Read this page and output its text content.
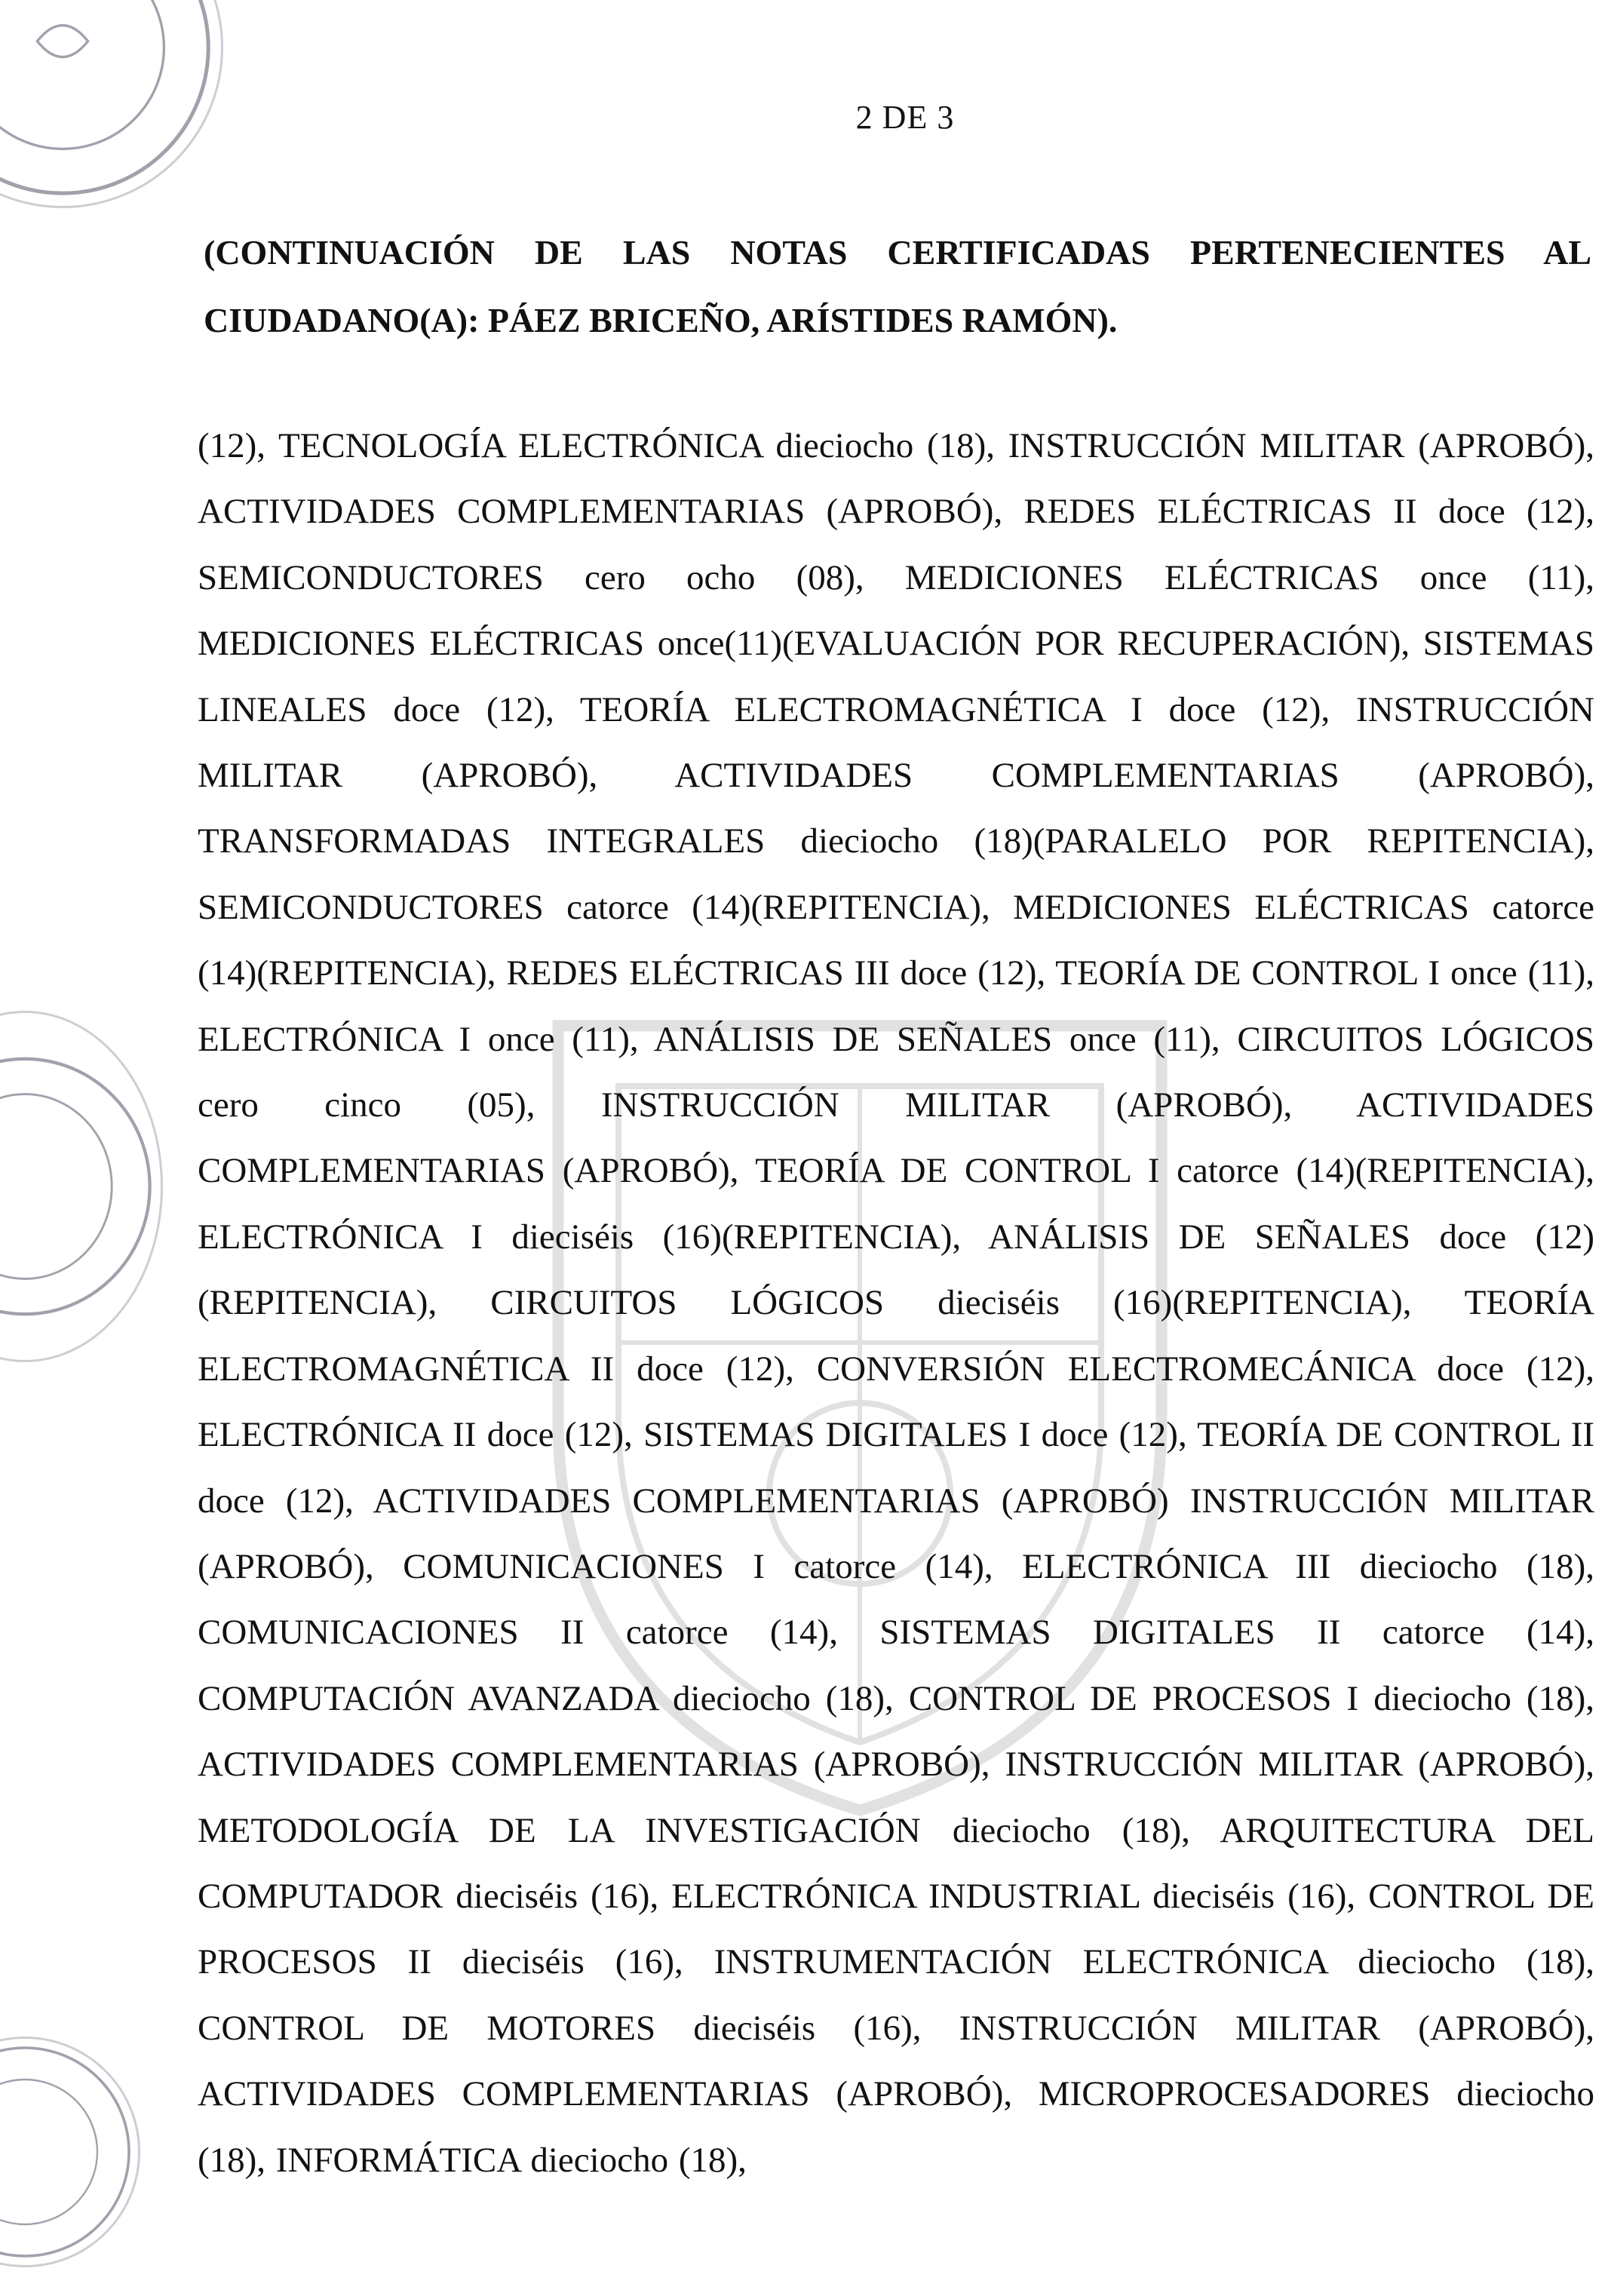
2 DE 3
(CONTINUACIÓN DE LAS NOTAS CERTIFICADAS PERTENECIENTES AL CIUDADANO(A): PÁEZ BRICEÑO, ARÍSTIDES RAMÓN).
(12), TECNOLOGÍA ELECTRÓNICA dieciocho (18), INSTRUCCIÓN MILITAR (APROBÓ), ACTIVIDADES COMPLEMENTARIAS (APROBÓ), REDES ELÉCTRICAS II doce (12), SEMICONDUCTORES cero ocho (08), MEDICIONES ELÉCTRICAS once (11), MEDICIONES ELÉCTRICAS once(11)(EVALUACIÓN POR RECUPERACIÓN), SISTEMAS LINEALES doce (12), TEORÍA ELECTROMAGNÉTICA I doce (12), INSTRUCCIÓN MILITAR (APROBÓ), ACTIVIDADES COMPLEMENTARIAS (APROBÓ), TRANSFORMADAS INTEGRALES dieciocho (18)(PARALELO POR REPITENCIA), SEMICONDUCTORES catorce (14)(REPITENCIA), MEDICIONES ELÉCTRICAS catorce (14)(REPITENCIA), REDES ELÉCTRICAS III doce (12), TEORÍA DE CONTROL I once (11), ELECTRÓNICA I once (11), ANÁLISIS DE SEÑALES once (11), CIRCUITOS LÓGICOS cero cinco (05), INSTRUCCIÓN MILITAR (APROBÓ), ACTIVIDADES COMPLEMENTARIAS (APROBÓ), TEORÍA DE CONTROL I catorce (14)(REPITENCIA), ELECTRÓNICA I dieciséis (16)(REPITENCIA), ANÁLISIS DE SEÑALES doce (12)(REPITENCIA), CIRCUITOS LÓGICOS dieciséis (16)(REPITENCIA), TEORÍA ELECTROMAGNÉTICA II doce (12), CONVERSIÓN ELECTROMECÁNICA doce (12), ELECTRÓNICA II doce (12), SISTEMAS DIGITALES I doce (12), TEORÍA DE CONTROL II doce (12), ACTIVIDADES COMPLEMENTARIAS (APROBÓ) INSTRUCCIÓN MILITAR (APROBÓ), COMUNICACIONES I catorce (14), ELECTRÓNICA III dieciocho (18), COMUNICACIONES II catorce (14), SISTEMAS DIGITALES II catorce (14), COMPUTACIÓN AVANZADA dieciocho (18), CONTROL DE PROCESOS I dieciocho (18), ACTIVIDADES COMPLEMENTARIAS (APROBÓ), INSTRUCCIÓN MILITAR (APROBÓ), METODOLOGÍA DE LA INVESTIGACIÓN dieciocho (18), ARQUITECTURA DEL COMPUTADOR dieciséis (16), ELECTRÓNICA INDUSTRIAL dieciséis (16), CONTROL DE PROCESOS II dieciséis (16), INSTRUMENTACIÓN ELECTRÓNICA dieciocho (18), CONTROL DE MOTORES dieciséis (16), INSTRUCCIÓN MILITAR (APROBÓ), ACTIVIDADES COMPLEMENTARIAS (APROBÓ), MICROPROCESADORES dieciocho (18), INFORMÁTICA dieciocho (18),
